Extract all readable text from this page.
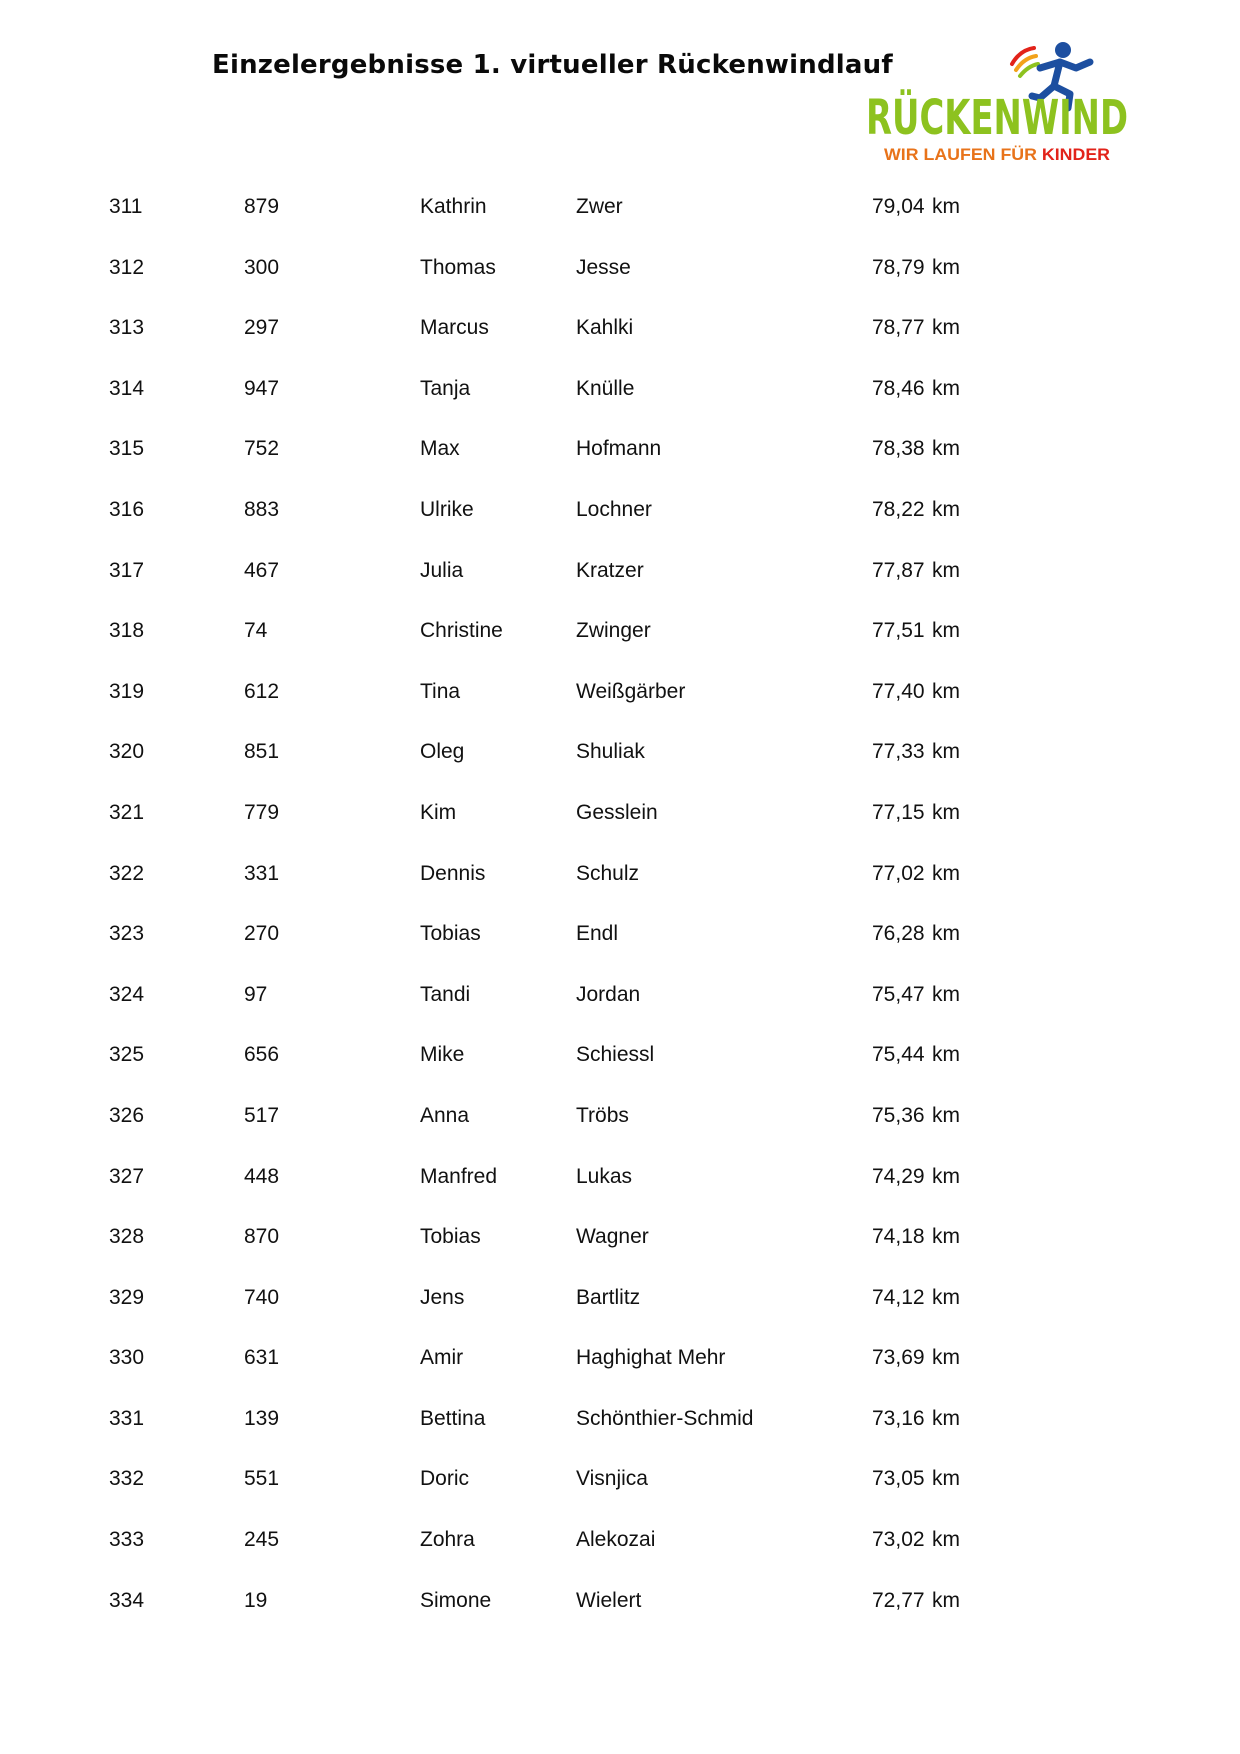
Einzelergebnisse 1. virtueller Rückenwindlauf
RÜCKENWIND
WIR LAUFEN FÜR KINDER
311	879	Kathrin	Zwer	79,04 km
312	300	Thomas	Jesse	78,79 km
313	297	Marcus	Kahlki	78,77 km
314	947	Tanja	Knülle	78,46 km
315	752	Max	Hofmann	78,38 km
316	883	Ulrike	Lochner	78,22 km
317	467	Julia	Kratzer	77,87 km
318	74	Christine	Zwinger	77,51 km
319	612	Tina	Weißgärber	77,40 km
320	851	Oleg	Shuliak	77,33 km
321	779	Kim	Gesslein	77,15 km
322	331	Dennis	Schulz	77,02 km
323	270	Tobias	Endl	76,28 km
324	97	Tandi	Jordan	75,47 km
325	656	Mike	Schiessl	75,44 km
326	517	Anna	Tröbs	75,36 km
327	448	Manfred	Lukas	74,29 km
328	870	Tobias	Wagner	74,18 km
329	740	Jens	Bartlitz	74,12 km
330	631	Amir	Haghighat Mehr	73,69 km
331	139	Bettina	Schönthier-Schmid	73,16 km
332	551	Doric	Visnjica	73,05 km
333	245	Zohra	Alekozai	73,02 km
334	19	Simone	Wielert	72,77 km
